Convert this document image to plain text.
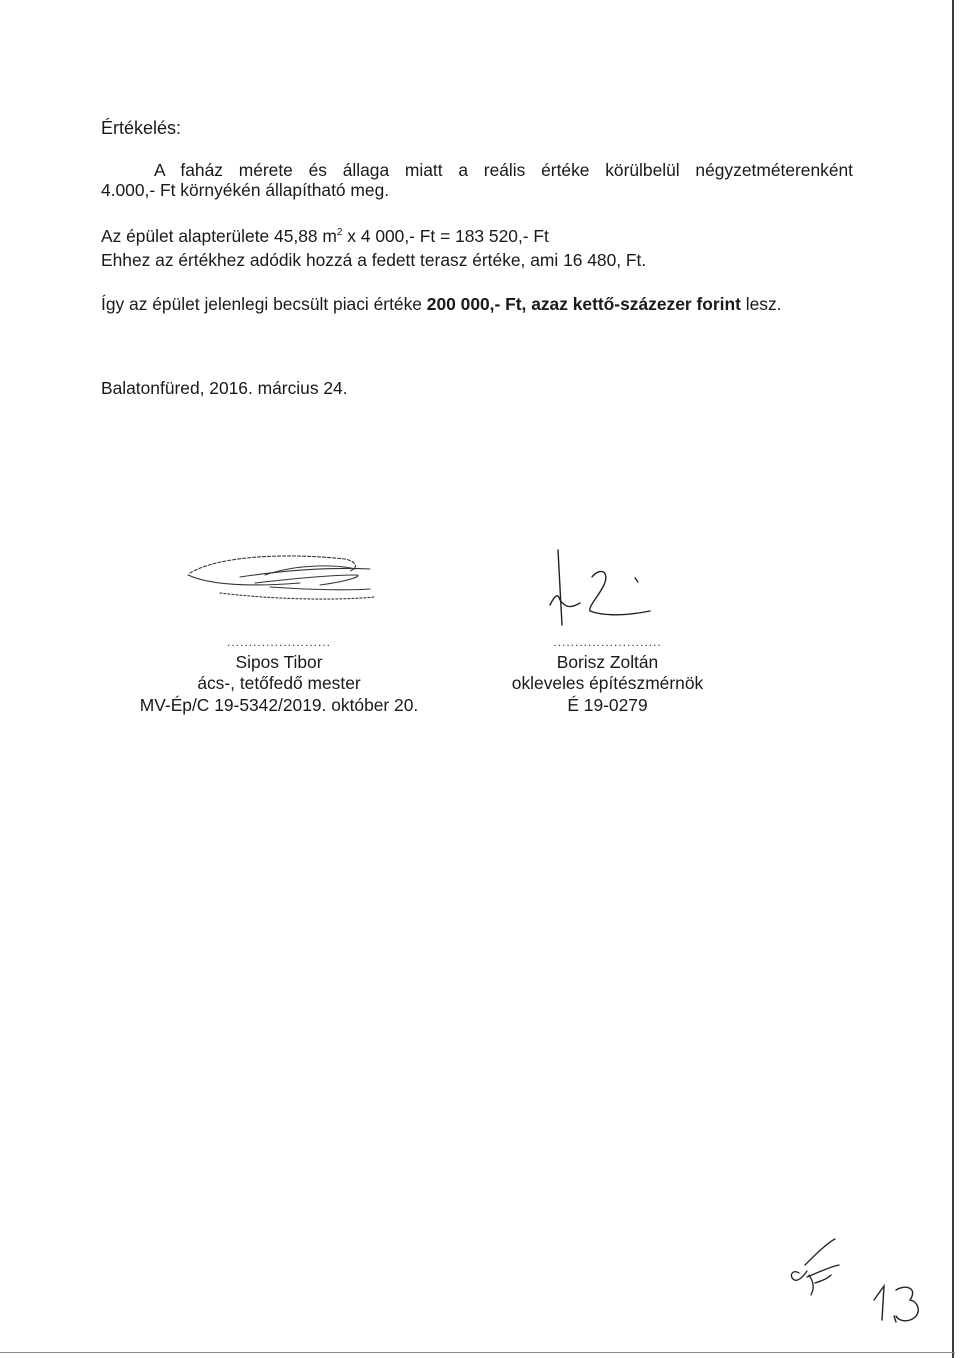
Értékelés:
A faház mérete és állaga miatt a reális értéke körülbelül négyzetméterenként
4.000,- Ft környékén állapítható meg.
Az épület alapterülete 45,88 $m^2$ x 4 000,- Ft = 183 520,- Ft
Ehhez az értékhez adódik hozzá a fedett terasz értéke, ami 16 480, Ft.
Így az épület jelenlegi becsült piaci értéke 200 000,- Ft, azaz kettő-százezer forint lesz.
Balatonfüred, 2016. március 24.
........................
Sipos Tibor
ács-, tetőfedő mester
MV-Ép/C 19-5342/2019. október 20.
.........................
Borisz Zoltán
okleveles építészmérnök
É 19-0279
